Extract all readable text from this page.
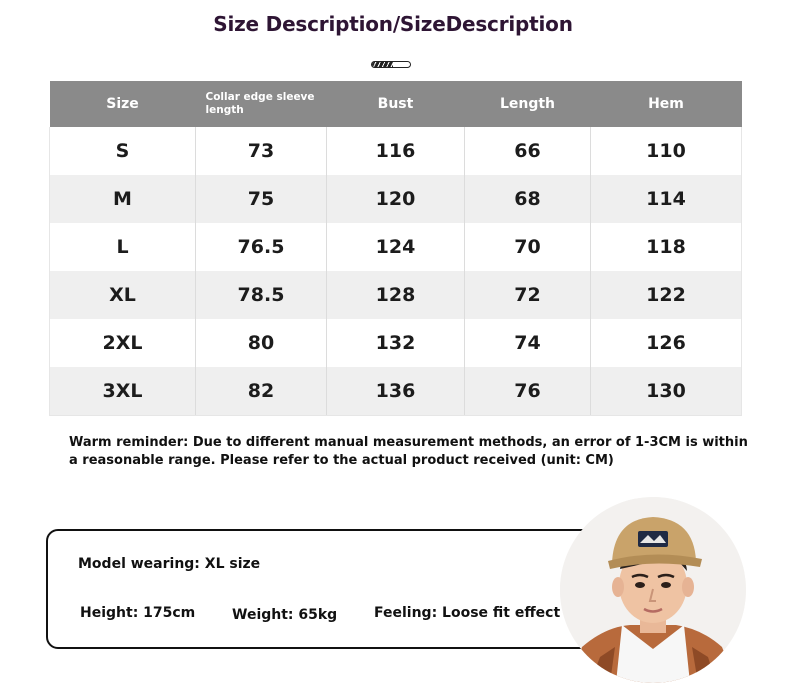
Size Description/SizeDescription
Size	Collar edge sleeve length	Bust	Length	Hem
S	73	116	66	110
M	75	120	68	114
L	76.5	124	70	118
XL	78.5	128	72	122
2XL	80	132	74	126
3XL	82	136	76	130
Warm reminder: Due to different manual measurement methods, an error of 1-3CM is within a reasonable range. Please refer to the actual product received (unit: CM)
Model wearing: XL size
Height: 175cm	Weight: 65kg	Feeling: Loose fit effect
